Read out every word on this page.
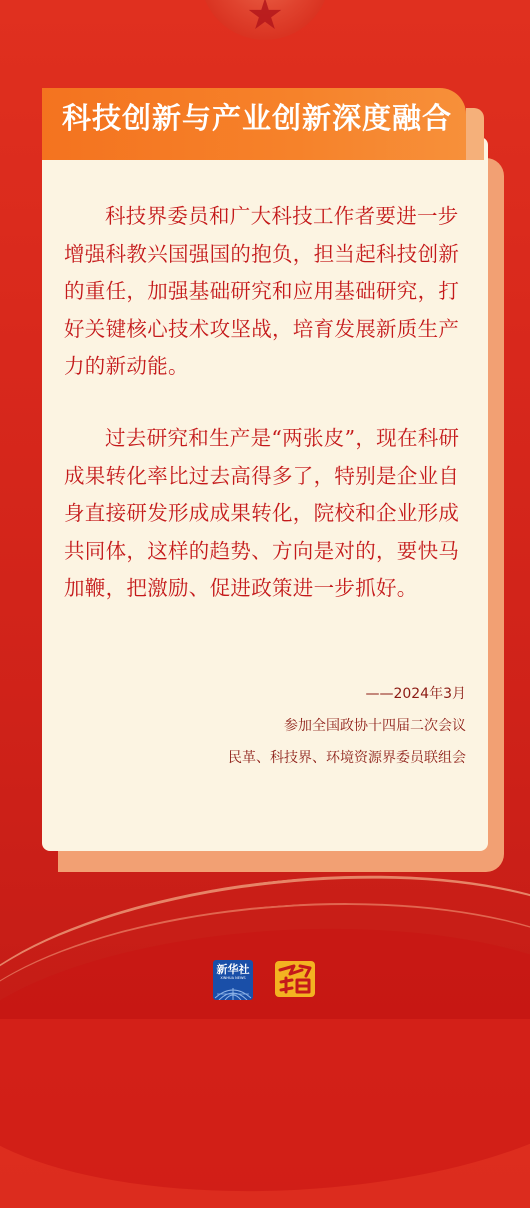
科技创新与产业创新深度融合

科技界委员和广大科技工作者要进一步增强科教兴国强国的抱负，担当起科技创新的重任，加强基础研究和应用基础研究，打好关键核心技术攻坚战，培育发展新质生产力的新动能。

过去研究和生产是“两张皮”，现在科研成果转化率比过去高得多了，特别是企业自身直接研发形成成果转化，院校和企业形成共同体，这样的趋势、方向是对的，要快马加鞭，把激励、促进政策进一步抓好。

——2024年3月

参加全国政协十四届二次会议

民革、科技界、环境资源界委员联组会

新华社
XINHUA NEWS
